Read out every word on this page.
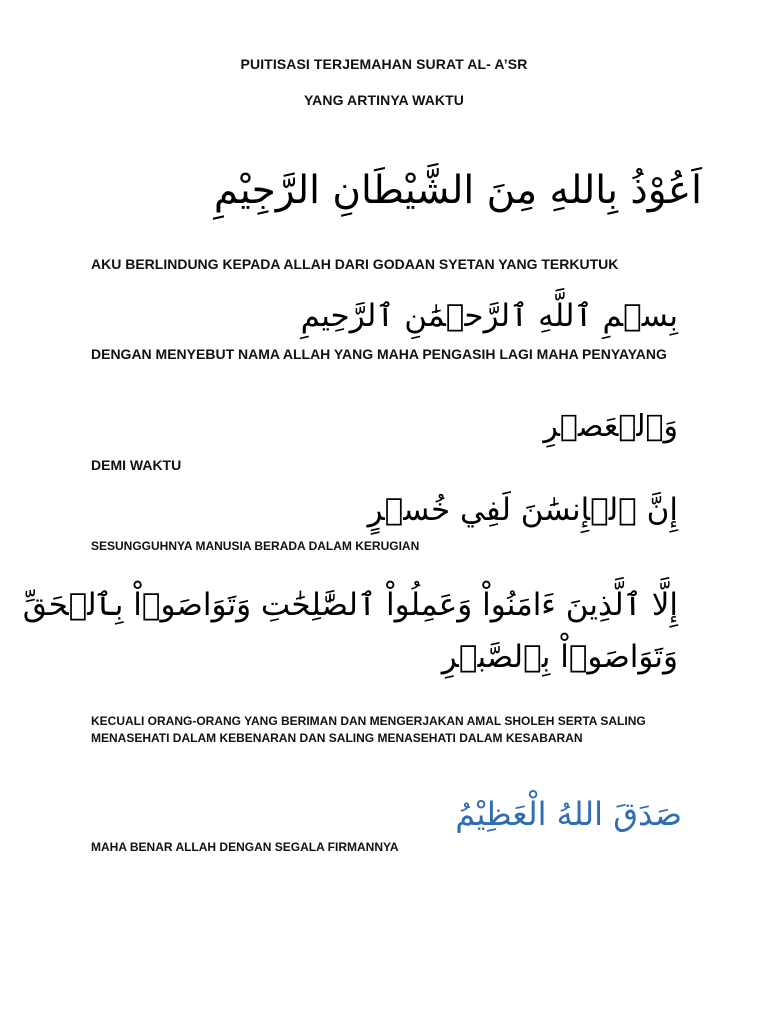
PUITISASI TERJEMAHAN SURAT AL- A’SR
YANG ARTINYA WAKTU
اَعُوْذُ بِاللهِ مِنَ الشَّيْطَانِ الرَّجِيْمِ
AKU BERLINDUNG KEPADA ALLAH DARI GODAAN SYETAN YANG TERKUTUK
بِسۡمِ ٱللَّهِ ٱلرَّحۡمَٰنِ ٱلرَّحِيمِ
DENGAN MENYEBUT NAMA ALLAH YANG MAHA PENGASIH LAGI MAHA PENYAYANG
وَٱلۡعَصۡرِ
DEMI WAKTU
إِنَّ ٱلۡإِنسَٰنَ لَفِي خُسۡرٍ
SESUNGGUHNYA MANUSIA BERADA DALAM KERUGIAN
إِلَّا ٱلَّذِينَ ءَامَنُواْ وَعَمِلُواْ ٱلصَّٰلِحَٰتِ وَتَوَاصَوۡاْ بِٱلۡحَقِّ
وَتَوَاصَوۡاْ بِٱلصَّبۡرِ
KECUALI ORANG-ORANG YANG BERIMAN DAN MENGERJAKAN AMAL SHOLEH SERTA SALING MENASEHATI DALAM KEBENARAN DAN SALING MENASEHATI DALAM KESABARAN
صَدَقَ اللهُ الْعَظِيْمُ
MAHA BENAR ALLAH DENGAN SEGALA FIRMANNYA
